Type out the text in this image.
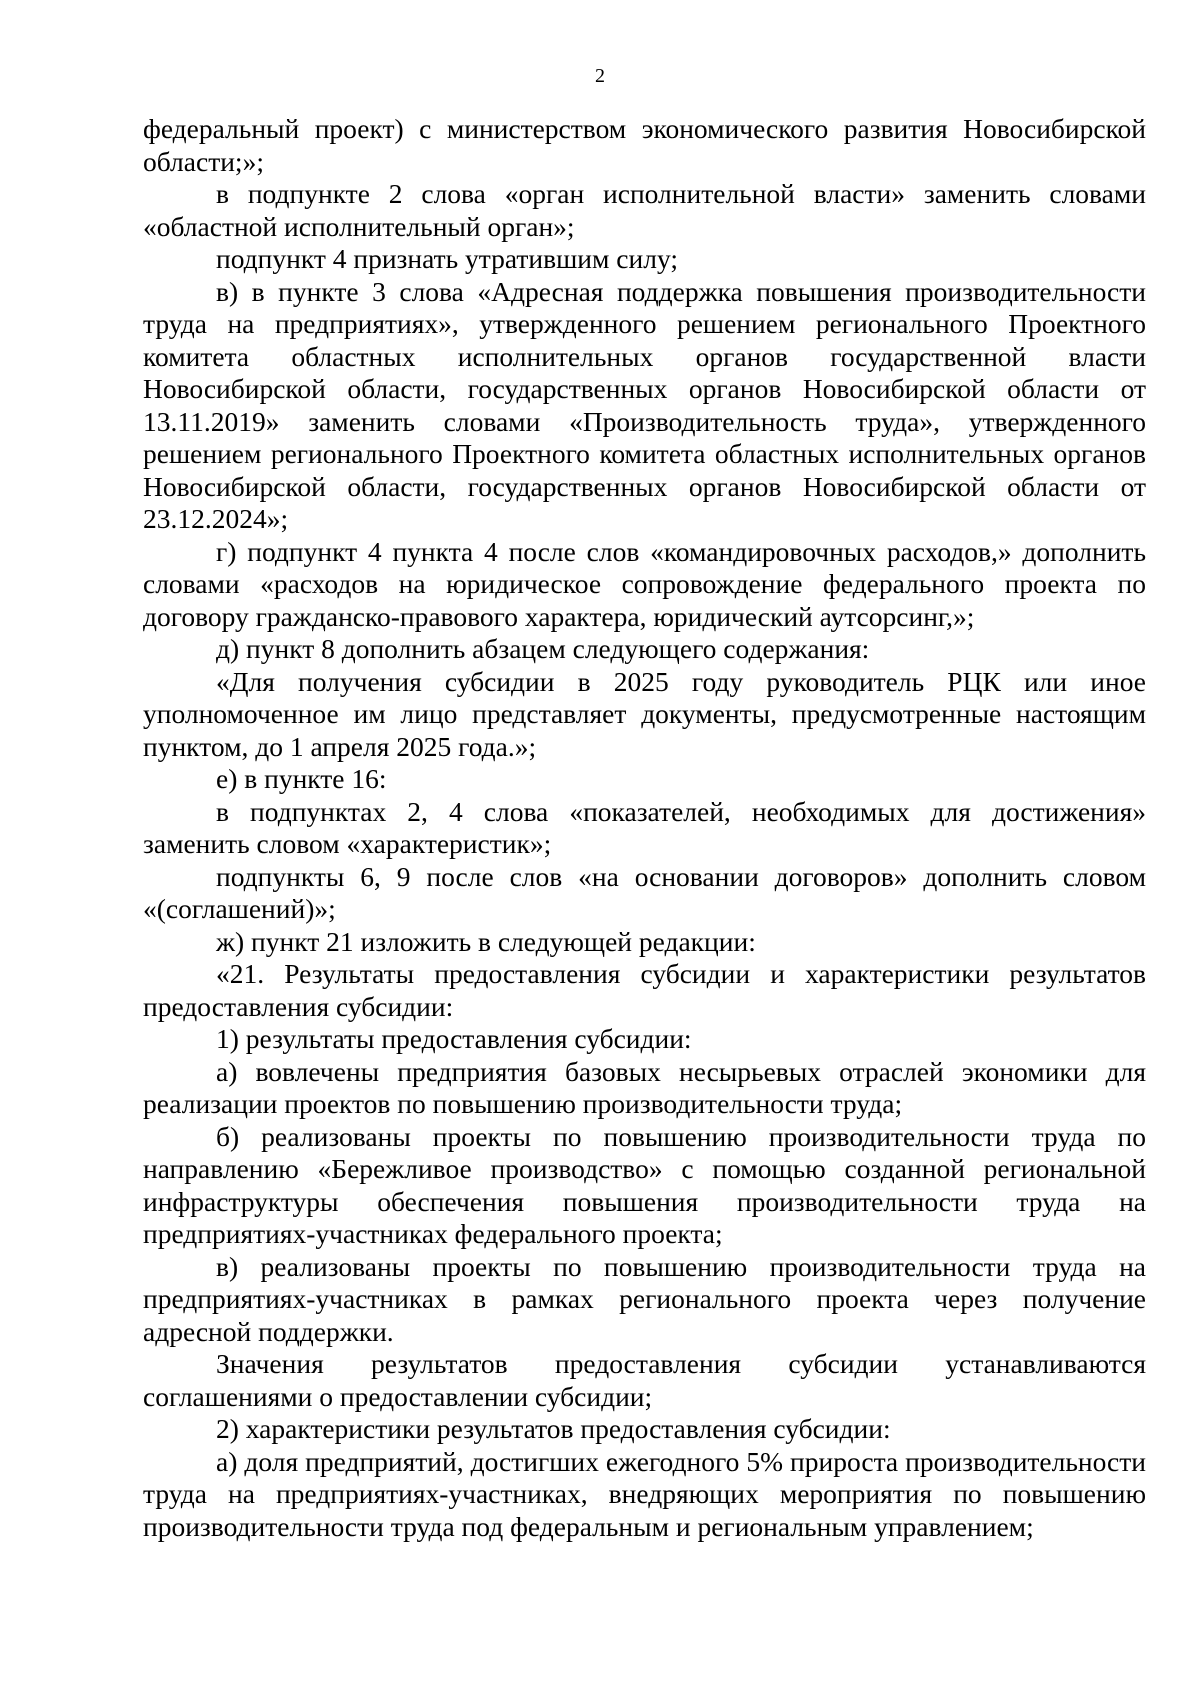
2

федеральный проект) с министерством экономического развития Новосибирской области;»;

в подпункте 2 слова «орган исполнительной власти» заменить словами «областной исполнительный орган»;

подпункт 4 признать утратившим силу;

в) в пункте 3 слова «Адресная поддержка повышения производительности труда на предприятиях», утвержденного решением регионального Проектного комитета областных исполнительных органов государственной власти Новосибирской области, государственных органов Новосибирской области от 13.11.2019» заменить словами «Производительность труда», утвержденного решением регионального Проектного комитета областных исполнительных органов Новосибирской области, государственных органов Новосибирской области от 23.12.2024»;

г) подпункт 4 пункта 4 после слов «командировочных расходов,» дополнить словами «расходов на юридическое сопровождение федерального проекта по договору гражданско-правового характера, юридический аутсорсинг,»;

д) пункт 8 дополнить абзацем следующего содержания:

«Для получения субсидии в 2025 году руководитель РЦК или иное уполномоченное им лицо представляет документы, предусмотренные настоящим пунктом, до 1 апреля 2025 года.»;

е) в пункте 16:

в подпунктах 2, 4 слова «показателей, необходимых для достижения» заменить словом «характеристик»;

подпункты 6, 9 после слов «на основании договоров» дополнить словом «(соглашений)»;

ж) пункт 21 изложить в следующей редакции:

«21. Результаты предоставления субсидии и характеристики результатов предоставления субсидии:

1) результаты предоставления субсидии:

а) вовлечены предприятия базовых несырьевых отраслей экономики для реализации проектов по повышению производительности труда;

б) реализованы проекты по повышению производительности труда по направлению «Бережливое производство» с помощью созданной региональной инфраструктуры обеспечения повышения производительности труда на предприятиях-участниках федерального проекта;

в) реализованы проекты по повышению производительности труда на предприятиях-участниках в рамках регионального проекта через получение адресной поддержки.

Значения результатов предоставления субсидии устанавливаются соглашениями о предоставлении субсидии;

2) характеристики результатов предоставления субсидии:

а) доля предприятий, достигших ежегодного 5% прироста производительности труда на предприятиях-участниках, внедряющих мероприятия по повышению производительности труда под федеральным и региональным управлением;
